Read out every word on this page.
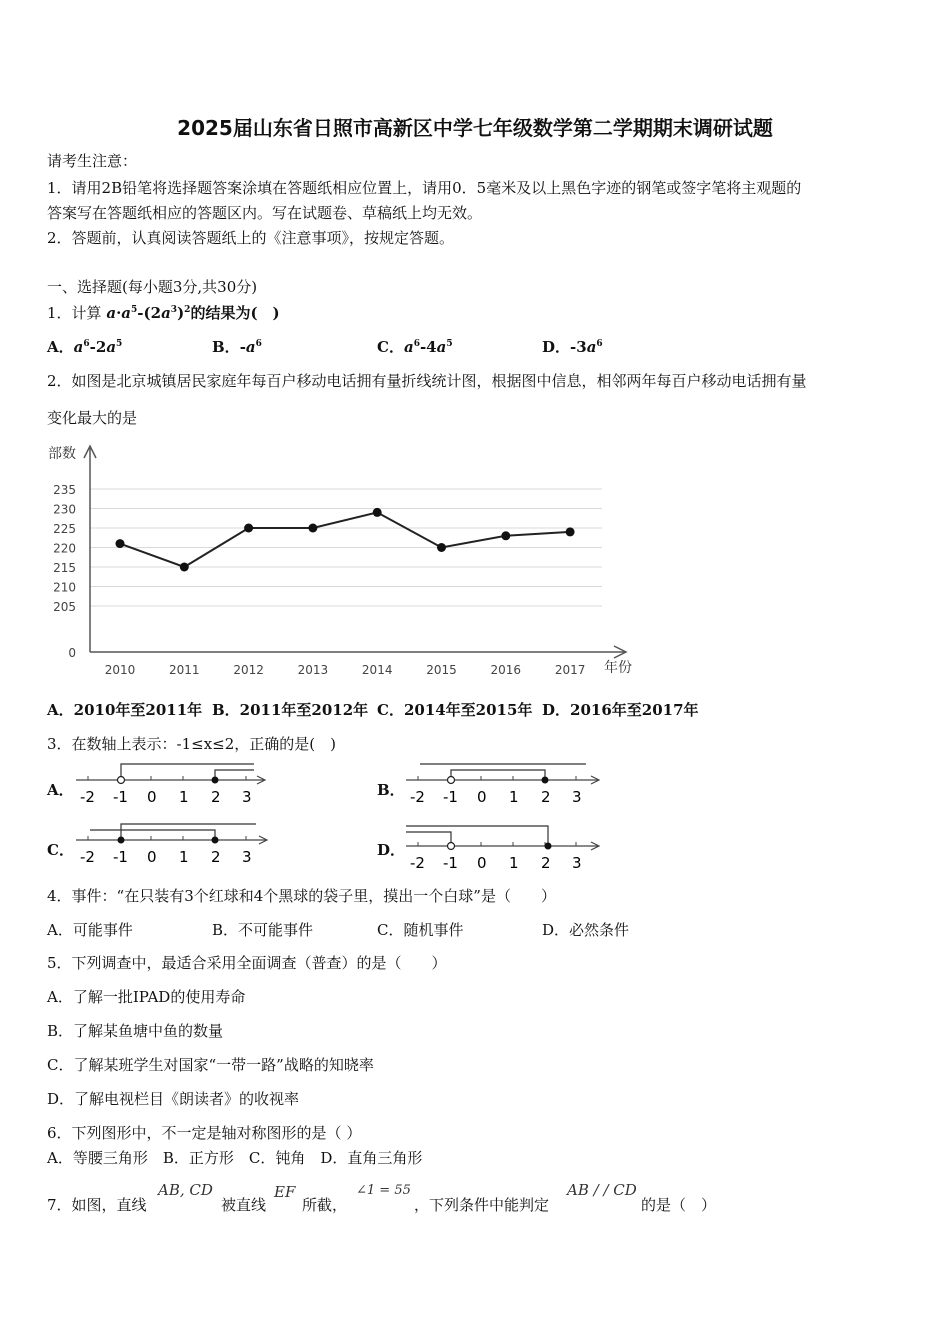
2025届山东省日照市高新区中学七年级数学第二学期期末调研试题
请考生注意：
1．请用2B铅笔将选择题答案涂填在答题纸相应位置上，请用0．5毫米及以上黑色字迹的钢笔或签字笔将主观题的
答案写在答题纸相应的答题区内。写在试题卷、草稿纸上均无效。
2．答题前，认真阅读答题纸上的《注意事项》，按规定答题。
一、选择题(每小题3分,共30分)
1．计算 $a\cdot a^5-(2a^3)^2$的结果为(　)
A．$a^6-2a^5$	B．$-a^6$	C．$a^6-4a^5$	D．$-3a^6$
2．如图是北京城镇居民家庭年每百户移动电话拥有量折线统计图，根据图中信息，相邻两年每百户移动电话拥有量
变化最大的是
部数
年份
0
205
210
215
220
225
230
235
2010	2011	2012	2013	2014	2015	2016	2017
A．2010年至2011年 B．2011年至2012年 C．2014年至2015年 D．2016年至2017年
3．在数轴上表示：-1≤x≤2，正确的是(　)
A． -2 -1 0 1 2 3	B． -2 -1 0 1 2 3
C． -2 -1 0 1 2 3	D．
-2 -1 0 1 2 3
4．事件：“在只装有3个红球和4个黑球的袋子里，摸出一个白球”是（　　）
A．可能事件	B．不可能事件	C．随机事件	D．必然条件
5．下列调查中，最适合采用全面调查（普查）的是（　　）
A．了解一批IPAD的使用寿命
B．了解某鱼塘中鱼的数量
C．了解某班学生对国家“一带一路”战略的知晓率
D．了解电视栏目《朗读者》的收视率
6．下列图形中，不一定是轴对称图形的是（ ）
A．等腰三角形　B．正方形　C．钝角　D．直角三角形
7．如图，直线
AB, CD
被直线
EF
所截，
∠1 = 55
，下列条件中能判定
AB / / CD
的是（　）
